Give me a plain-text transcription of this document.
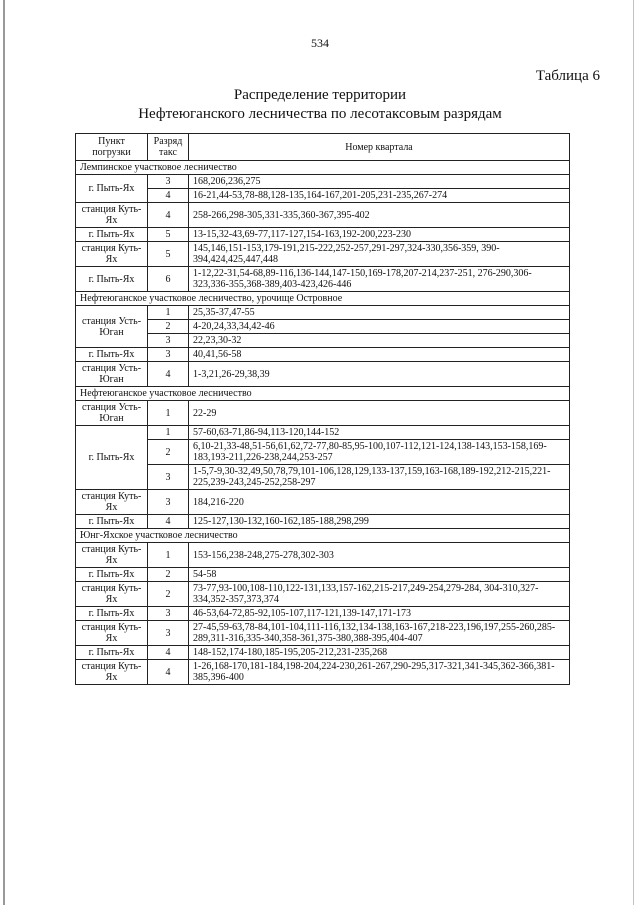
534
Таблица 6
Распределение территории
Нефтеюганского лесничества по лесотаксовым разрядам
Пункт погрузки	Разряд такс	Номер квартала
Лемпинское участковое лесничество		
г. Пыть-Ях	3	168,206,236,275
	4	16-21,44-53,78-88,128-135,164-167,201-205,231-235,267-274
станция Куть-Ях	4	258-266,298-305,331-335,360-367,395-402
г. Пыть-Ях	5	13-15,32-43,69-77,117-127,154-163,192-200,223-230
станция Куть-Ях	5	145,146,151-153,179-191,215-222,252-257,291-297,324-330,356-359, 390-394,424,425,447,448
г. Пыть-Ях	6	1-12,22-31,54-68,89-116,136-144,147-150,169-178,207-214,237-251, 276-290,306-323,336-355,368-389,403-423,426-446
Нефтеюганское участковое лесничество, урочище Островное		
станция Усть-Юган	1	25,35-37,47-55
	2	4-20,24,33,34,42-46
	3	22,23,30-32
г. Пыть-Ях	3	40,41,56-58
станция Усть-Юган	4	1-3,21,26-29,38,39
Нефтеюганское участковое лесничество		
станция Усть-Юган	1	22-29
г. Пыть-Ях	1	57-60,63-71,86-94,113-120,144-152
	2	6,10-21,33-48,51-56,61,62,72-77,80-85,95-100,107-112,121-124,138-143,153-158,169-183,193-211,226-238,244,253-257
	3	1-5,7-9,30-32,49,50,78,79,101-106,128,129,133-137,159,163-168,189-192,212-215,221-225,239-243,245-252,258-297
станция Куть-Ях	3	184,216-220
г. Пыть-Ях	4	125-127,130-132,160-162,185-188,298,299
Юнг-Яхское участковое лесничество		
станция Куть-Ях	1	153-156,238-248,275-278,302-303
г. Пыть-Ях	2	54-58
станция Куть-Ях	2	73-77,93-100,108-110,122-131,133,157-162,215-217,249-254,279-284, 304-310,327-334,352-357,373,374
г. Пыть-Ях	3	46-53,64-72,85-92,105-107,117-121,139-147,171-173
станция Куть-Ях	3	27-45,59-63,78-84,101-104,111-116,132,134-138,163-167,218-223,196,197,255-260,285-289,311-316,335-340,358-361,375-380,388-395,404-407
г. Пыть-Ях	4	148-152,174-180,185-195,205-212,231-235,268
станция Куть-Ях	4	1-26,168-170,181-184,198-204,224-230,261-267,290-295,317-321,341-345,362-366,381-385,396-400
